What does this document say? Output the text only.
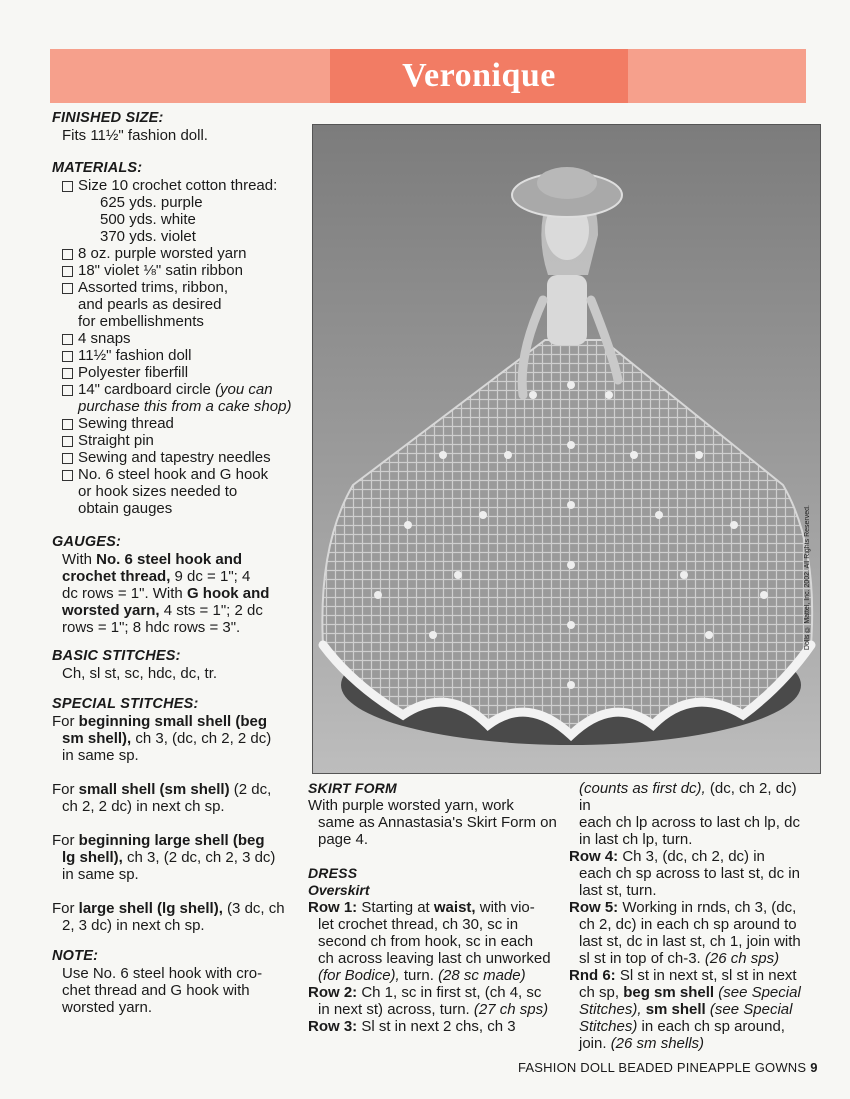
Veronique
FINISHED SIZE:
Fits 11½" fashion doll.
MATERIALS:
Size 10 crochet cotton thread:
625 yds. purple
500 yds. white
370 yds. violet
8 oz. purple worsted yarn
18" violet ⅛" satin ribbon
Assorted trims, ribbon,
and pearls as desired
for embellishments
4 snaps
11½" fashion doll
Polyester fiberfill
14" cardboard circle (you can
purchase this from a cake shop)
Sewing thread
Straight pin
Sewing and tapestry needles
No. 6 steel hook and G hook
or hook sizes needed to
obtain gauges
GAUGES:
With No. 6 steel hook and
crochet thread, 9 dc = 1"; 4
dc rows = 1". With G hook and
worsted yarn, 4 sts = 1"; 2 dc
rows = 1"; 8 hdc rows = 3".
BASIC STITCHES:
Ch, sl st, sc, hdc, dc, tr.
SPECIAL STITCHES:
For beginning small shell (beg
sm shell), ch 3, (dc, ch 2, 2 dc)
in same sp.
For small shell (sm shell) (2 dc,
ch 2, 2 dc) in next ch sp.
For beginning large shell (beg
lg shell), ch 3, (2 dc, ch 2, 3 dc)
in same sp.
For large shell (lg shell), (3 dc, ch
2, 3 dc) in next ch sp.
NOTE:
Use No. 6 steel hook with cro-
chet thread and G hook with
worsted yarn.
Dolls © Mattel, Inc. 2002. All Rights Reserved.
SKIRT FORM
With purple worsted yarn, work
same as Annastasia's Skirt Form on
page 4.
DRESS
Overskirt
Row 1: Starting at waist, with vio-
let crochet thread, ch 30, sc in
second ch from hook, sc in each
ch across leaving last ch unworked
(for Bodice), turn. (28 sc made)
Row 2: Ch 1, sc in first st, (ch 4, sc
in next st) across, turn. (27 ch sps)
Row 3: Sl st in next 2 chs, ch 3
(counts as first dc), (dc, ch 2, dc) in
each ch lp across to last ch lp, dc
in last ch lp, turn.
Row 4: Ch 3, (dc, ch 2, dc) in
each ch sp across to last st, dc in
last st, turn.
Row 5: Working in rnds, ch 3, (dc,
ch 2, dc) in each ch sp around to
last st, dc in last st, ch 1, join with
sl st in top of ch-3. (26 ch sps)
Rnd 6: Sl st in next st, sl st in next
ch sp, beg sm shell (see Special
Stitches), sm shell (see Special
Stitches) in each ch sp around,
join. (26 sm shells)
FASHION DOLL BEADED PINEAPPLE GOWNS 9
